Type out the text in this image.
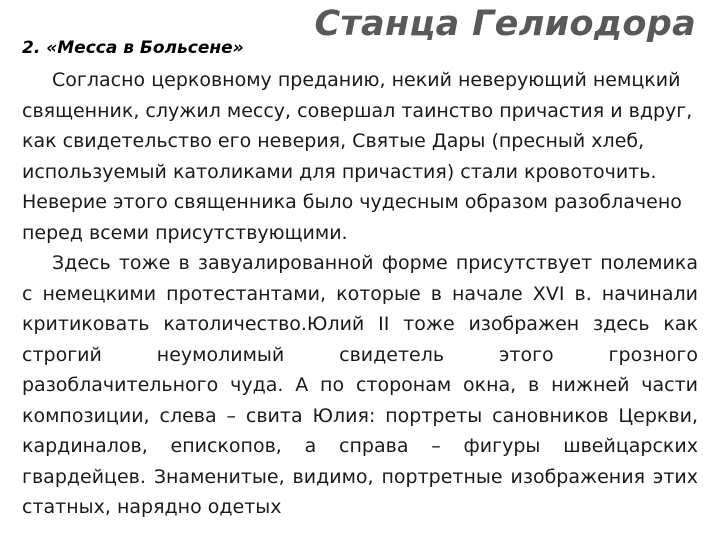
Станца Гелиодора
2. «Месса в Больсене»

Согласно церковному преданию, некий неверующий немцкий священник, служил мессу, совершал таинство причастия и вдруг, как свидетельство его неверия, Святые Дары (пресный хлеб, используемый католиками для причастия) стали кровоточить. Неверие этого священника было чудесным образом разоблачено перед всеми присутствующими.

Здесь тоже в завуалированной форме присутствует полемика с немецкими протестантами, которые в начале XVI в. начинали критиковать католичество.Юлий II тоже изображен здесь как строгий неумолимый свидетель этого грозного разоблачительного чуда. А по сторонам окна, в нижней части композиции, слева – свита Юлия: портреты сановников Церкви, кардиналов, епископов, а справа – фигуры швейцарских гвардейцев. Знаменитые, видимо, портретные изображения этих статных, нарядно одетых
